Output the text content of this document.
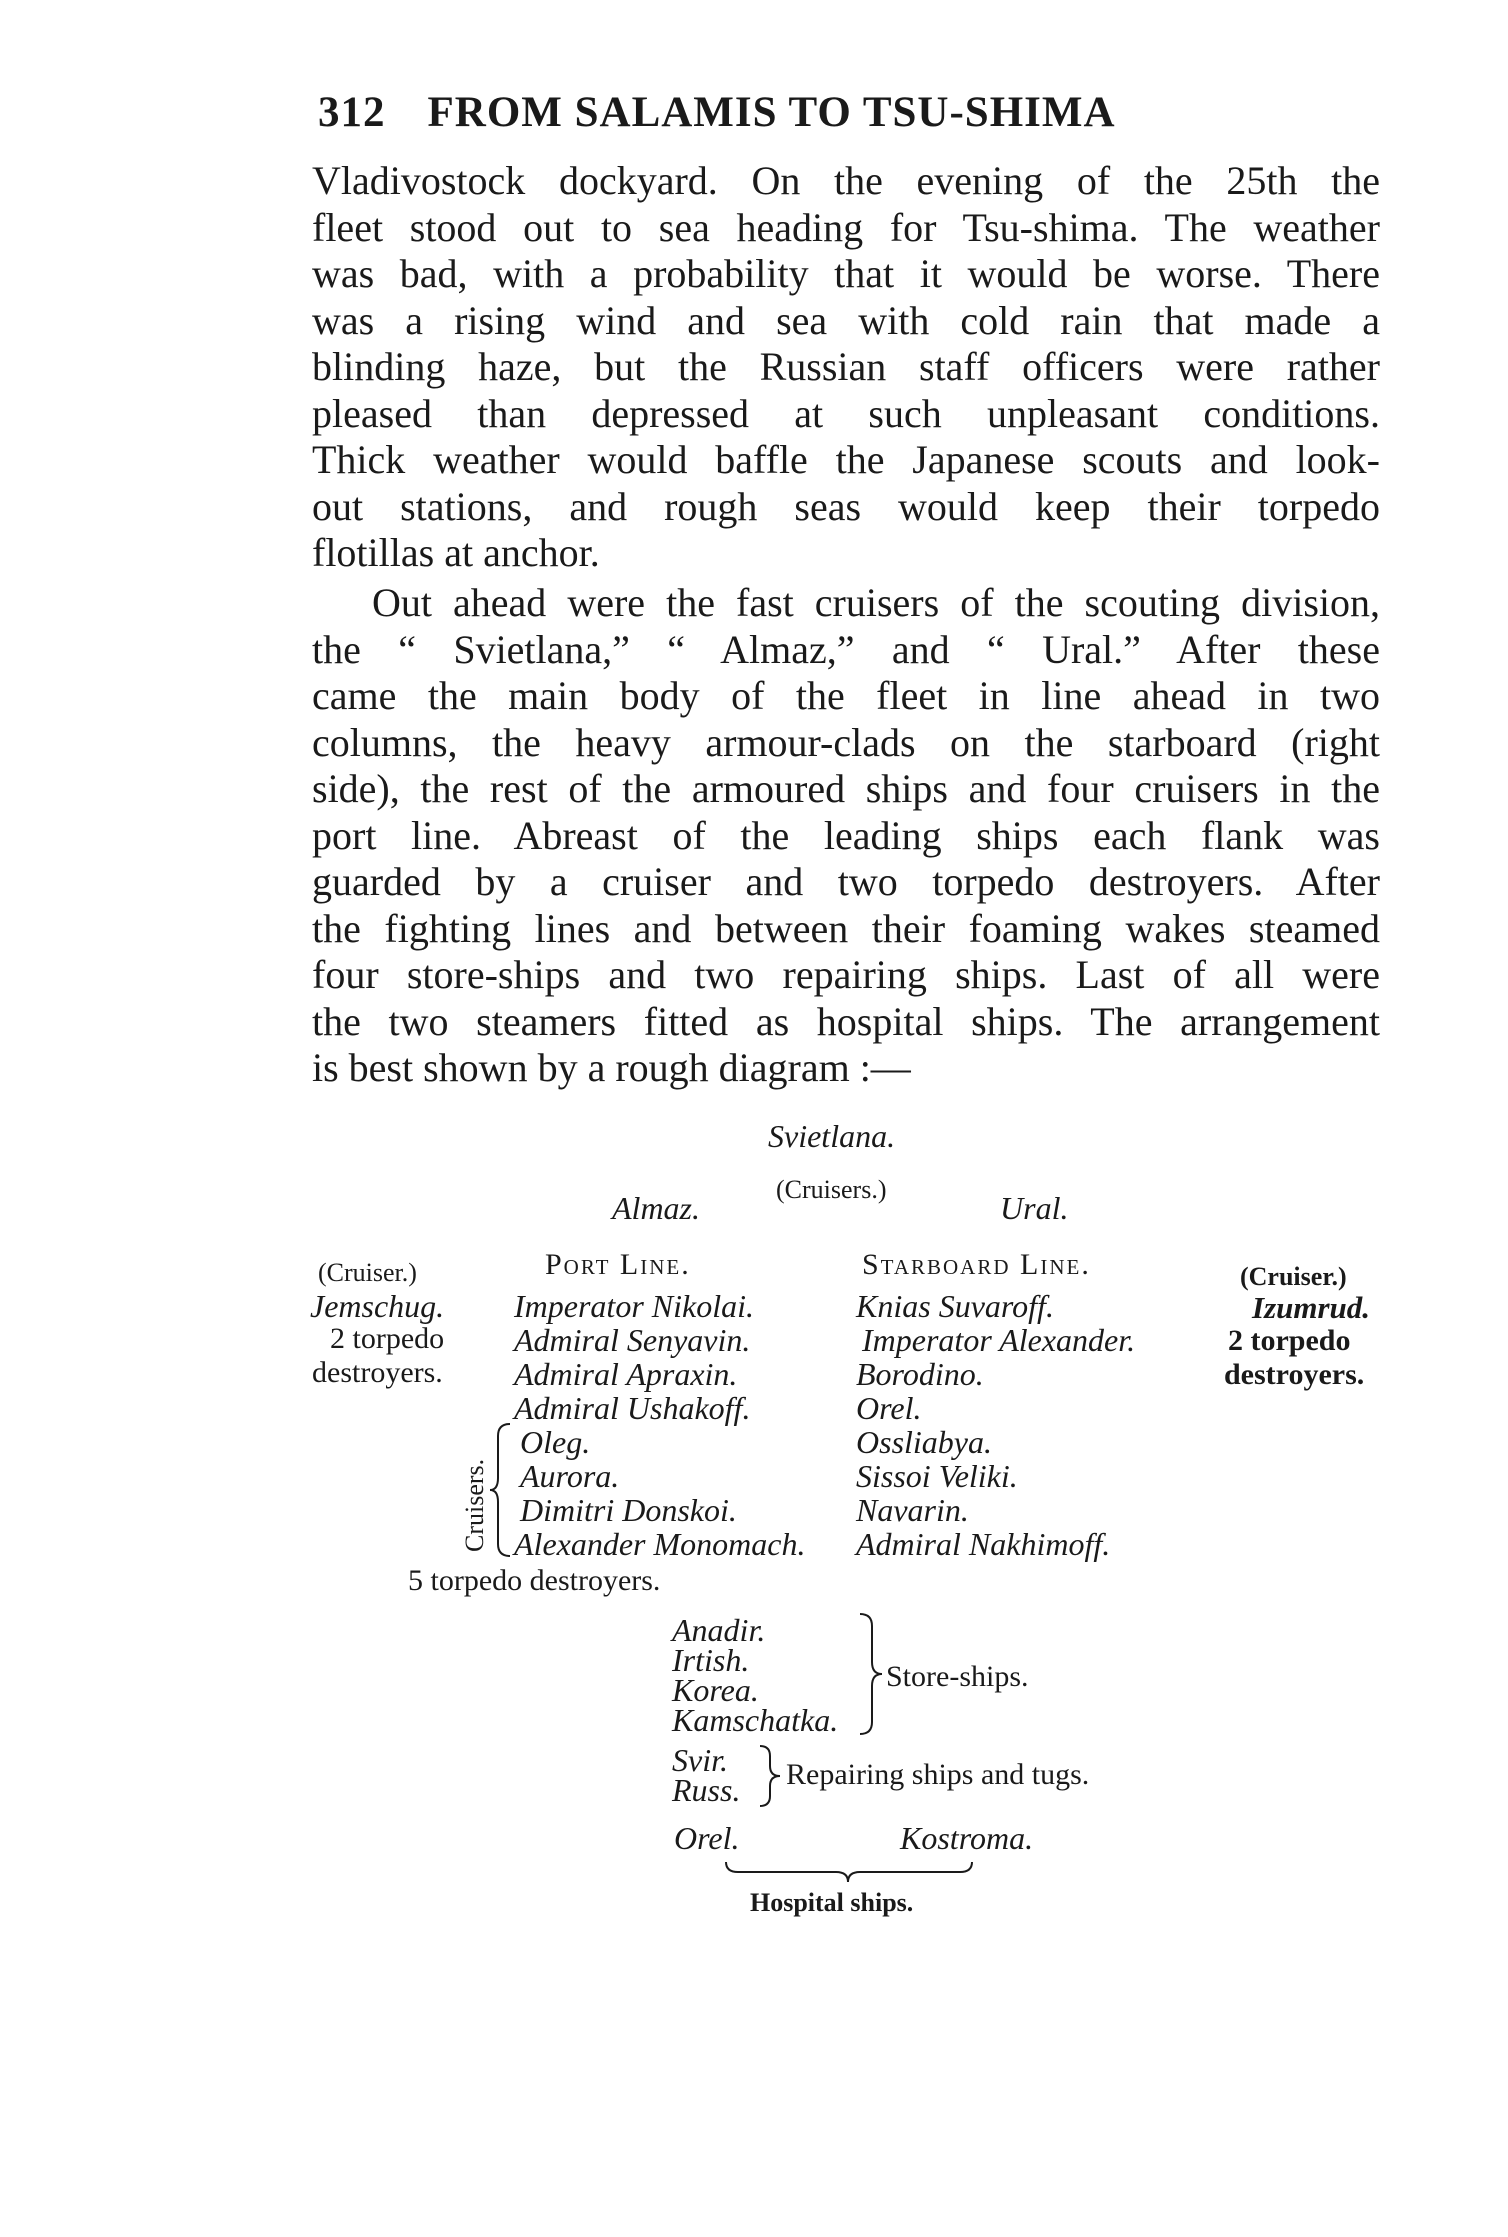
312 FROM SALAMIS TO TSU-SHIMA
Vladivostock dockyard. On the evening of the 25th the
fleet stood out to sea heading for Tsu-shima. The weather
was bad, with a probability that it would be worse. There
was a rising wind and sea with cold rain that made a
blinding haze, but the Russian staff officers were rather
pleased than depressed at such unpleasant conditions.
Thick weather would baffle the Japanese scouts and look-
out stations, and rough seas would keep their torpedo
flotillas at anchor.
Out ahead were the fast cruisers of the scouting division,
the “ Svietlana,” “ Almaz,” and “ Ural.” After these
came the main body of the fleet in line ahead in two
columns, the heavy armour-clads on the starboard (right
side), the rest of the armoured ships and four cruisers in the
port line. Abreast of the leading ships each flank was
guarded by a cruiser and two torpedo destroyers. After
the fighting lines and between their foaming wakes steamed
four store-ships and two repairing ships. Last of all were
the two steamers fitted as hospital ships. The arrangement
is best shown by a rough diagram :—
Svietlana.
(Cruisers.)
Almaz.	Ural.
(Cruiser.)
Jemschug.
2 torpedo
destroyers.
(Cruiser.)
Izumrud.
2 torpedo
destroyers.
Port Line.
Imperator Nikolai.
Admiral Senyavin.
Admiral Apraxin.
Admiral Ushakoff.
Cruisers.
Oleg.
Aurora.
Dimitri Donskoi.
Alexander Monomach.
Starboard Line.
Knias Suvaroff.
Imperator Alexander.
Borodino.
Orel.
Ossliabya.
Sissoi Veliki.
Navarin.
Admiral Nakhimoff.
5 torpedo destroyers.
Anadir.
Irtish.
Korea.
Kamschatka.
Store-ships.
Svir.
Russ. Repairing ships and tugs.
Orel.	Kostroma.
Hospital ships.
